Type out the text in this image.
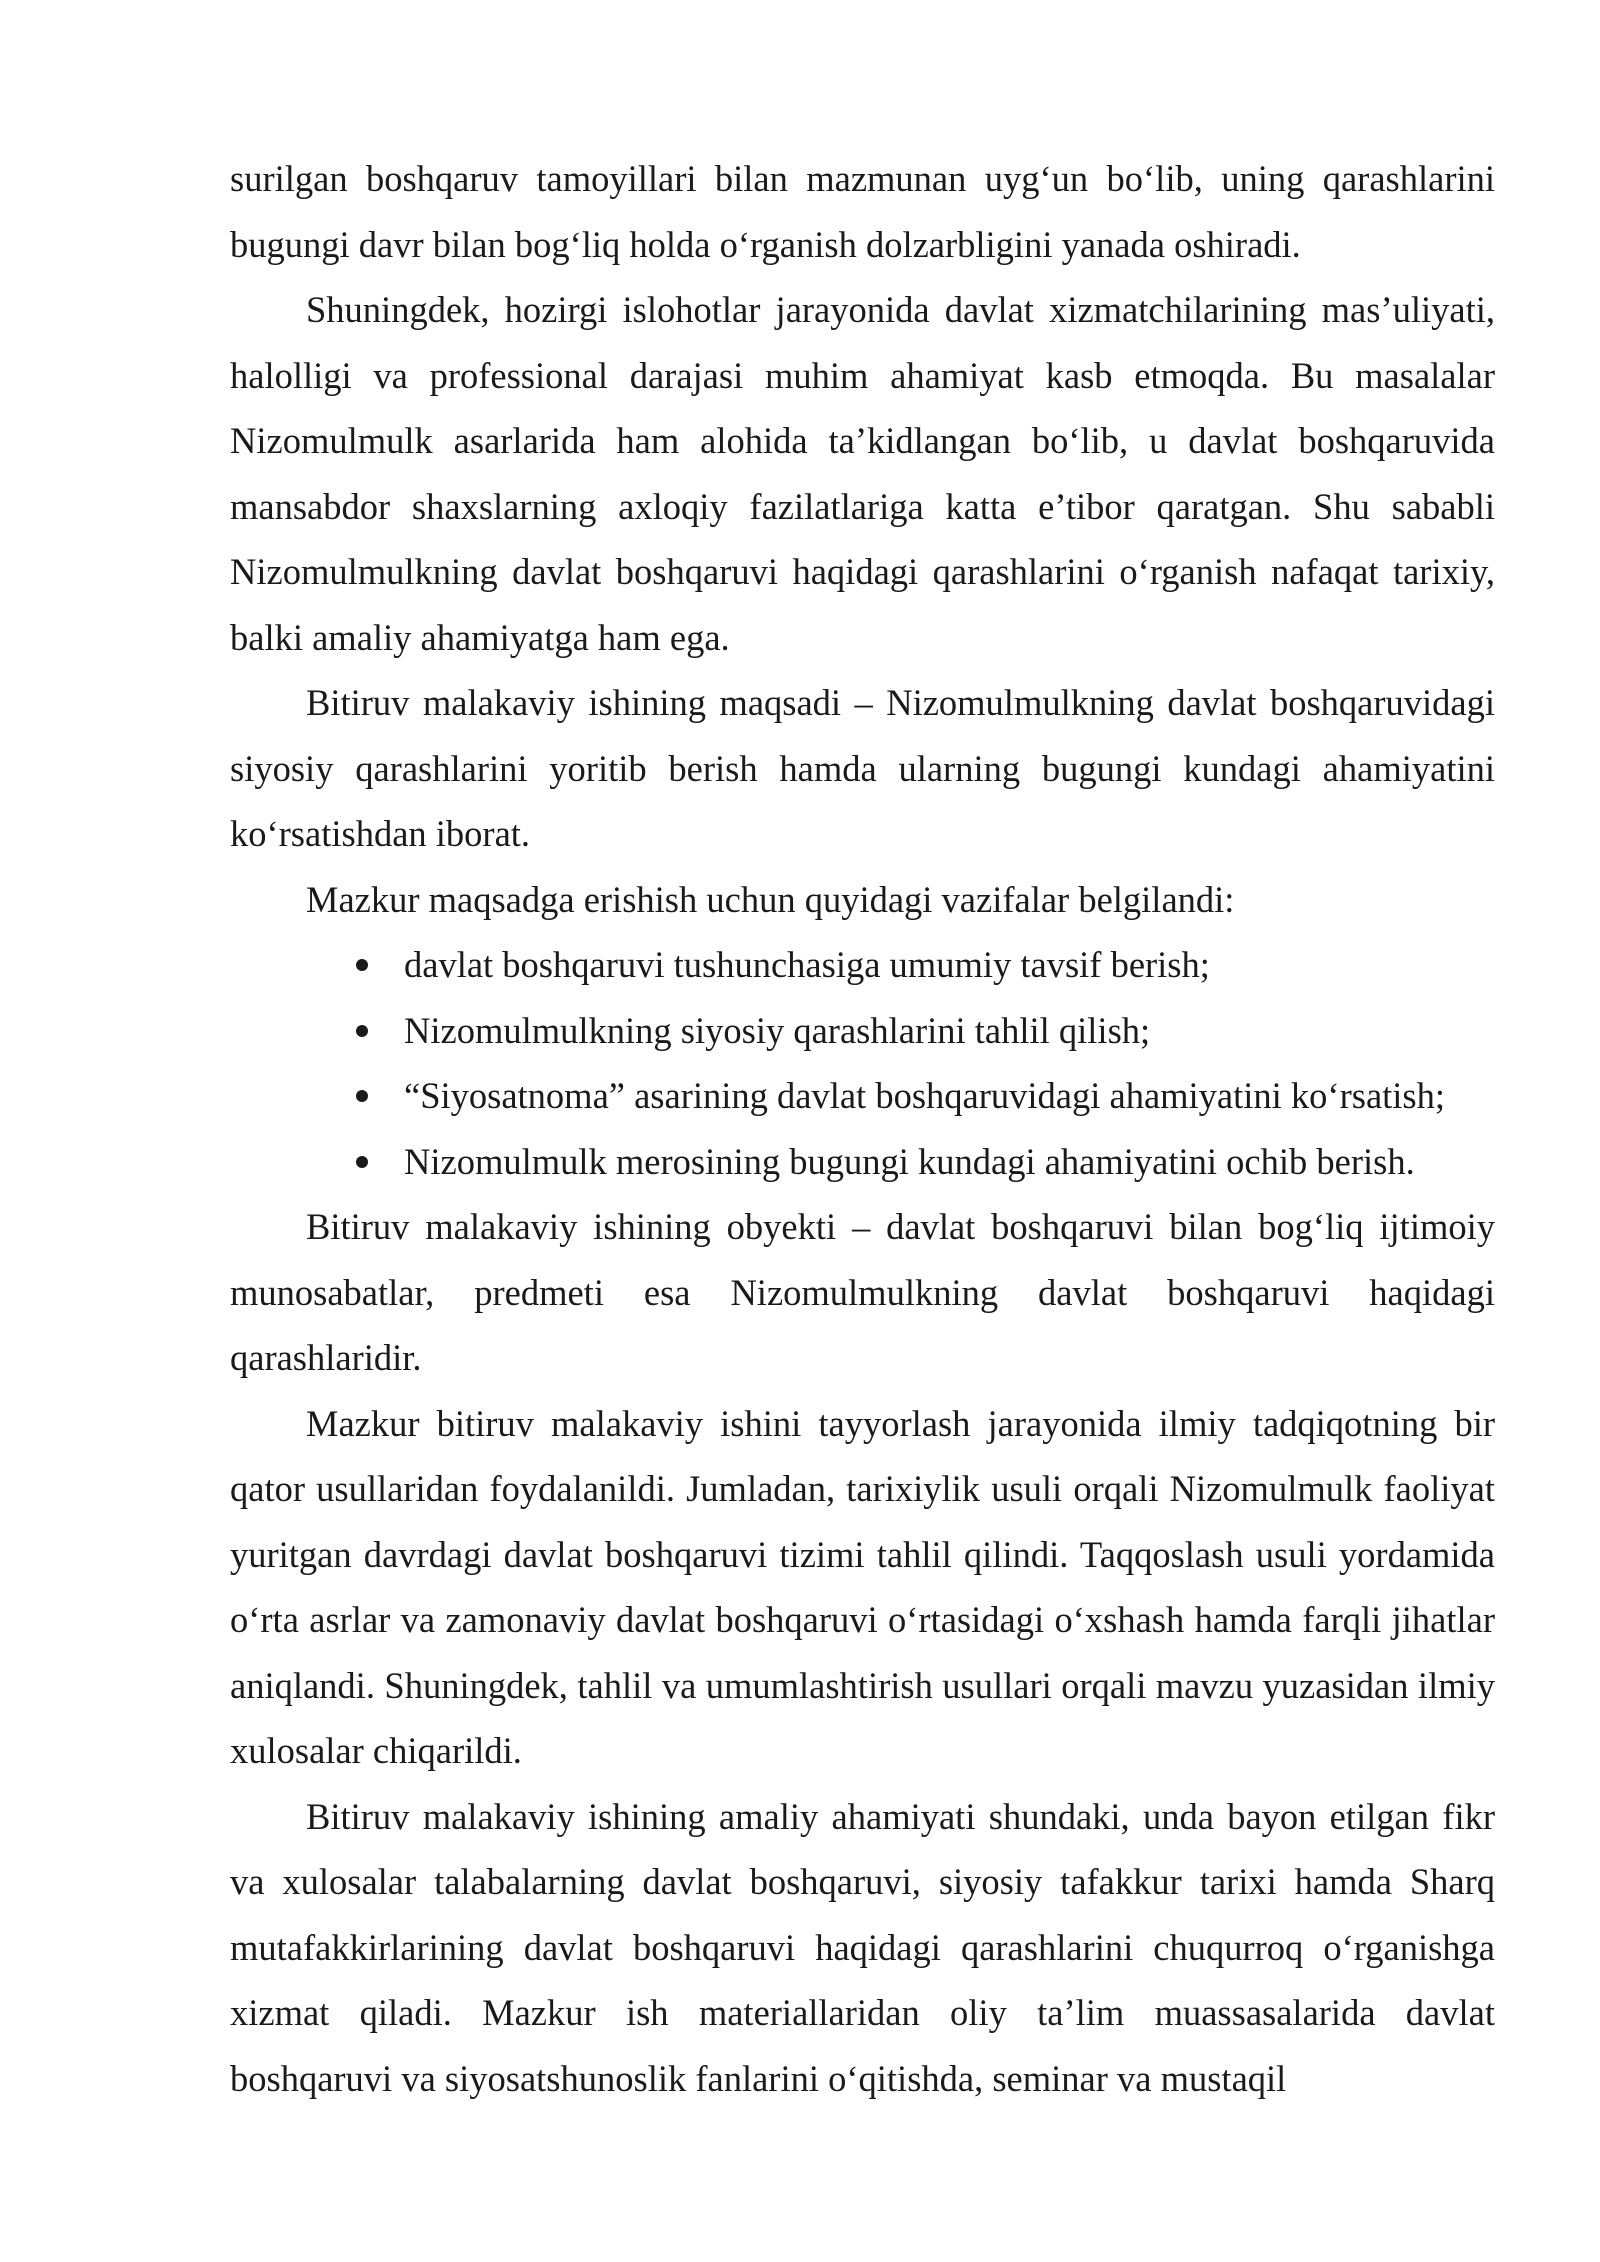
surilgan boshqaruv tamoyillari bilan mazmunan uyg‘un bo‘lib, uning qarashlarini bugungi davr bilan bog‘liq holda o‘rganish dolzarbligini yanada oshiradi.

Shuningdek, hozirgi islohotlar jarayonida davlat xizmatchilarining mas’uliyati, halolligi va professional darajasi muhim ahamiyat kasb etmoqda. Bu masalalar Nizomulmulk asarlarida ham alohida ta’kidlangan bo‘lib, u davlat boshqaruvida mansabdor shaxslarning axloqiy fazilatlariga katta e’tibor qaratgan. Shu sababli Nizomulmulkning davlat boshqaruvi haqidagi qarashlarini o‘rganish nafaqat tarixiy, balki amaliy ahamiyatga ham ega.

Bitiruv malakaviy ishining maqsadi – Nizomulmulkning davlat boshqaruvidagi siyosiy qarashlarini yoritib berish hamda ularning bugungi kundagi ahamiyatini ko‘rsatishdan iborat.

Mazkur maqsadga erishish uchun quyidagi vazifalar belgilandi:

davlat boshqaruvi tushunchasiga umumiy tavsif berish;
Nizomulmulkning siyosiy qarashlarini tahlil qilish;
“Siyosatnoma” asarining davlat boshqaruvidagi ahamiyatini ko‘rsatish;
Nizomulmulk merosining bugungi kundagi ahamiyatini ochib berish.

Bitiruv malakaviy ishining obyekti – davlat boshqaruvi bilan bog‘liq ijtimoiy munosabatlar, predmeti esa Nizomulmulkning davlat boshqaruvi haqidagi qarashlaridir.

Mazkur bitiruv malakaviy ishini tayyorlash jarayonida ilmiy tadqiqotning bir qator usullaridan foydalanildi. Jumladan, tarixiylik usuli orqali Nizomulmulk faoliyat yuritgan davrdagi davlat boshqaruvi tizimi tahlil qilindi. Taqqoslash usuli yordamida o‘rta asrlar va zamonaviy davlat boshqaruvi o‘rtasidagi o‘xshash hamda farqli jihatlar aniqlandi. Shuningdek, tahlil va umumlashtirish usullari orqali mavzu yuzasidan ilmiy xulosalar chiqarildi.

Bitiruv malakaviy ishining amaliy ahamiyati shundaki, unda bayon etilgan fikr va xulosalar talabalarning davlat boshqaruvi, siyosiy tafakkur tarixi hamda Sharq mutafakkirlarining davlat boshqaruvi haqidagi qarashlarini chuqurroq o‘rganishga xizmat qiladi. Mazkur ish materiallaridan oliy ta’lim muassasalarida davlat boshqaruvi va siyosatshunoslik fanlarini o‘qitishda, seminar va mustaqil
